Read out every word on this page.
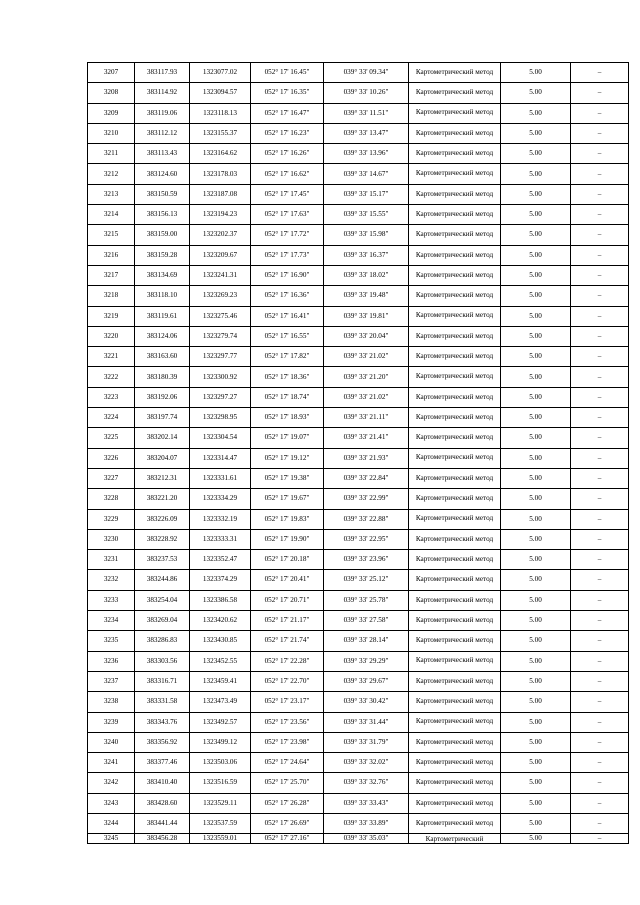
3207	383117.93	1323077.02	052° 17' 16.45"	039° 33' 09.34"	Картометрический метод	5.00	–
3208	383114.92	1323094.57	052° 17' 16.35"	039° 33' 10.26"	Картометрический метод	5.00	–
3209	383119.06	1323118.13	052° 17' 16.47"	039° 33' 11.51"	Картометрический метод	5.00	–
3210	383112.12	1323155.37	052° 17' 16.23"	039° 33' 13.47"	Картометрический метод	5.00	–
3211	383113.43	1323164.62	052° 17' 16.26"	039° 33' 13.96"	Картометрический метод	5.00	–
3212	383124.60	1323178.03	052° 17' 16.62"	039° 33' 14.67"	Картометрический метод	5.00	–
3213	383150.59	1323187.08	052° 17' 17.45"	039° 33' 15.17"	Картометрический метод	5.00	–
3214	383156.13	1323194.23	052° 17' 17.63"	039° 33' 15.55"	Картометрический метод	5.00	–
3215	383159.00	1323202.37	052° 17' 17.72"	039° 33' 15.98"	Картометрический метод	5.00	–
3216	383159.28	1323209.67	052° 17' 17.73"	039° 33' 16.37"	Картометрический метод	5.00	–
3217	383134.69	1323241.31	052° 17' 16.90"	039° 33' 18.02"	Картометрический метод	5.00	–
3218	383118.10	1323269.23	052° 17' 16.36"	039° 33' 19.48"	Картометрический метод	5.00	–
3219	383119.61	1323275.46	052° 17' 16.41"	039° 33' 19.81"	Картометрический метод	5.00	–
3220	383124.06	1323279.74	052° 17' 16.55"	039° 33' 20.04"	Картометрический метод	5.00	–
3221	383163.60	1323297.77	052° 17' 17.82"	039° 33' 21.02"	Картометрический метод	5.00	–
3222	383180.39	1323300.92	052° 17' 18.36"	039° 33' 21.20"	Картометрический метод	5.00	–
3223	383192.06	1323297.27	052° 17' 18.74"	039° 33' 21.02"	Картометрический метод	5.00	–
3224	383197.74	1323298.95	052° 17' 18.93"	039° 33' 21.11"	Картометрический метод	5.00	–
3225	383202.14	1323304.54	052° 17' 19.07"	039° 33' 21.41"	Картометрический метод	5.00	–
3226	383204.07	1323314.47	052° 17' 19.12"	039° 33' 21.93"	Картометрический метод	5.00	–
3227	383212.31	1323331.61	052° 17' 19.38"	039° 33' 22.84"	Картометрический метод	5.00	–
3228	383221.20	1323334.29	052° 17' 19.67"	039° 33' 22.99"	Картометрический метод	5.00	–
3229	383226.09	1323332.19	052° 17' 19.83"	039° 33' 22.88"	Картометрический метод	5.00	–
3230	383228.92	1323333.31	052° 17' 19.90"	039° 33' 22.95"	Картометрический метод	5.00	–
3231	383237.53	1323352.47	052° 17' 20.18"	039° 33' 23.96"	Картометрический метод	5.00	–
3232	383244.86	1323374.29	052° 17' 20.41"	039° 33' 25.12"	Картометрический метод	5.00	–
3233	383254.04	1323386.58	052° 17' 20.71"	039° 33' 25.78"	Картометрический метод	5.00	–
3234	383269.04	1323420.62	052° 17' 21.17"	039° 33' 27.58"	Картометрический метод	5.00	–
3235	383286.83	1323430.85	052° 17' 21.74"	039° 33' 28.14"	Картометрический метод	5.00	–
3236	383303.56	1323452.55	052° 17' 22.28"	039° 33' 29.29"	Картометрический метод	5.00	–
3237	383316.71	1323459.41	052° 17' 22.70"	039° 33' 29.67"	Картометрический метод	5.00	–
3238	383331.58	1323473.49	052° 17' 23.17"	039° 33' 30.42"	Картометрический метод	5.00	–
3239	383343.76	1323492.57	052° 17' 23.56"	039° 33' 31.44"	Картометрический метод	5.00	–
3240	383356.92	1323499.12	052° 17' 23.98"	039° 33' 31.79"	Картометрический метод	5.00	–
3241	383377.46	1323503.06	052° 17' 24.64"	039° 33' 32.02"	Картометрический метод	5.00	–
3242	383410.40	1323516.59	052° 17' 25.70"	039° 33' 32.76"	Картометрический метод	5.00	–
3243	383428.60	1323529.11	052° 17' 26.28"	039° 33' 33.43"	Картометрический метод	5.00	–
3244	383441.44	1323537.59	052° 17' 26.69"	039° 33' 33.89"	Картометрический метод	5.00	–
3245	383456.28	1323559.01	052° 17' 27.16"	039° 33' 35.03"	Картометрический	5.00	–
